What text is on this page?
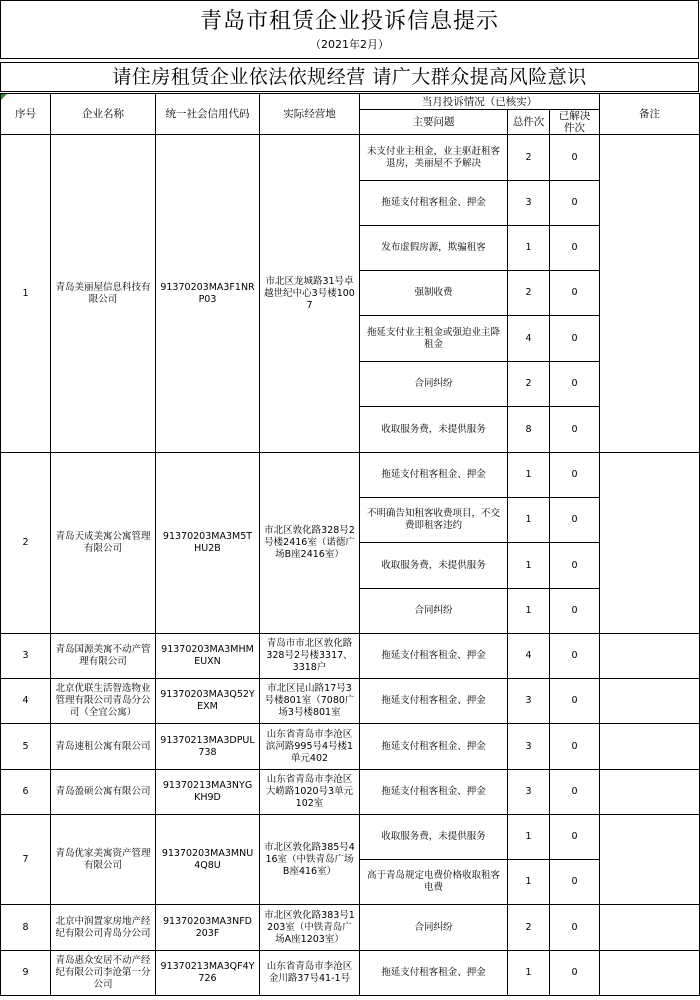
青岛市租赁企业投诉信息提示
（2021年2月）
请住房租赁企业依法依规经营 请广大群众提高风险意识
序号	企业名称	统一社会信用代码	实际经营地	当月投诉情况（已核实）			备注
				主要问题	总件次	已解决件次	
1	青岛美丽屋信息科技有限公司	91370203MA3F1NRP03	市北区龙城路31号卓越世纪中心3号楼1007	未支付业主租金，业主驱赶租客退房，美丽屋不予解决	2	0	
				拖延支付租客租金、押金	3	0	
				发布虚假房源，欺骗租客	1	0	
				强制收费	2	0	
				拖延支付业主租金或强迫业主降租金	4	0	
				合同纠纷	2	0	
				收取服务费，未提供服务	8	0	
2	青岛天成美寓公寓管理有限公司	91370203MA3M5THU2B	市北区敦化路328号2号楼2416室（诺德广场B座2416室）	拖延支付租客租金、押金	1	0	
				不明确告知租客收费项目，不交费即租客违约	1	0	
				收取服务费，未提供服务	1	0	
				合同纠纷	1	0	
3	青岛国源美寓不动产管理有限公司	91370203MA3MHMEUXN	青岛市市北区敦化路328号2号楼3317、3318户	拖延支付租客租金、押金	4	0	
4	北京优联生活智选物业管理有限公司青岛分公司（全宜公寓）	91370203MA3Q52YEXM	市北区昆山路17号3号楼801室（7080广场3号楼801室	拖延支付租客租金、押金	3	0	
5	青岛速租公寓有限公司	91370213MA3DPUL738	山东省青岛市李沧区滨河路995号4号楼1单元402	拖延支付租客租金、押金	3	0	
6	青岛盈硕公寓有限公司	91370213MA3NYGKH9D	山东省青岛市李沧区大崂路1020号3单元102室	拖延支付租客租金、押金	3	0	
7	青岛优家美寓资产管理有限公司	91370203MA3MNU4Q8U	市北区敦化路385号416室（中铁青岛广场B座416室）	收取服务费，未提供服务	1	0	
				高于青岛规定电费价格收取租客电费	1	0	
8	北京中润置家房地产经纪有限公司青岛分公司	91370203MA3NFD203F	市北区敦化路383号1203室（中铁青岛广场A座1203室）	合同纠纷	2	0	
9	青岛惠众安居不动产经纪有限公司李沧第一分公司	91370213MA3QF4Y726	山东省青岛市李沧区金川路37号41-1号	拖延支付租客租金、押金	1	0	
